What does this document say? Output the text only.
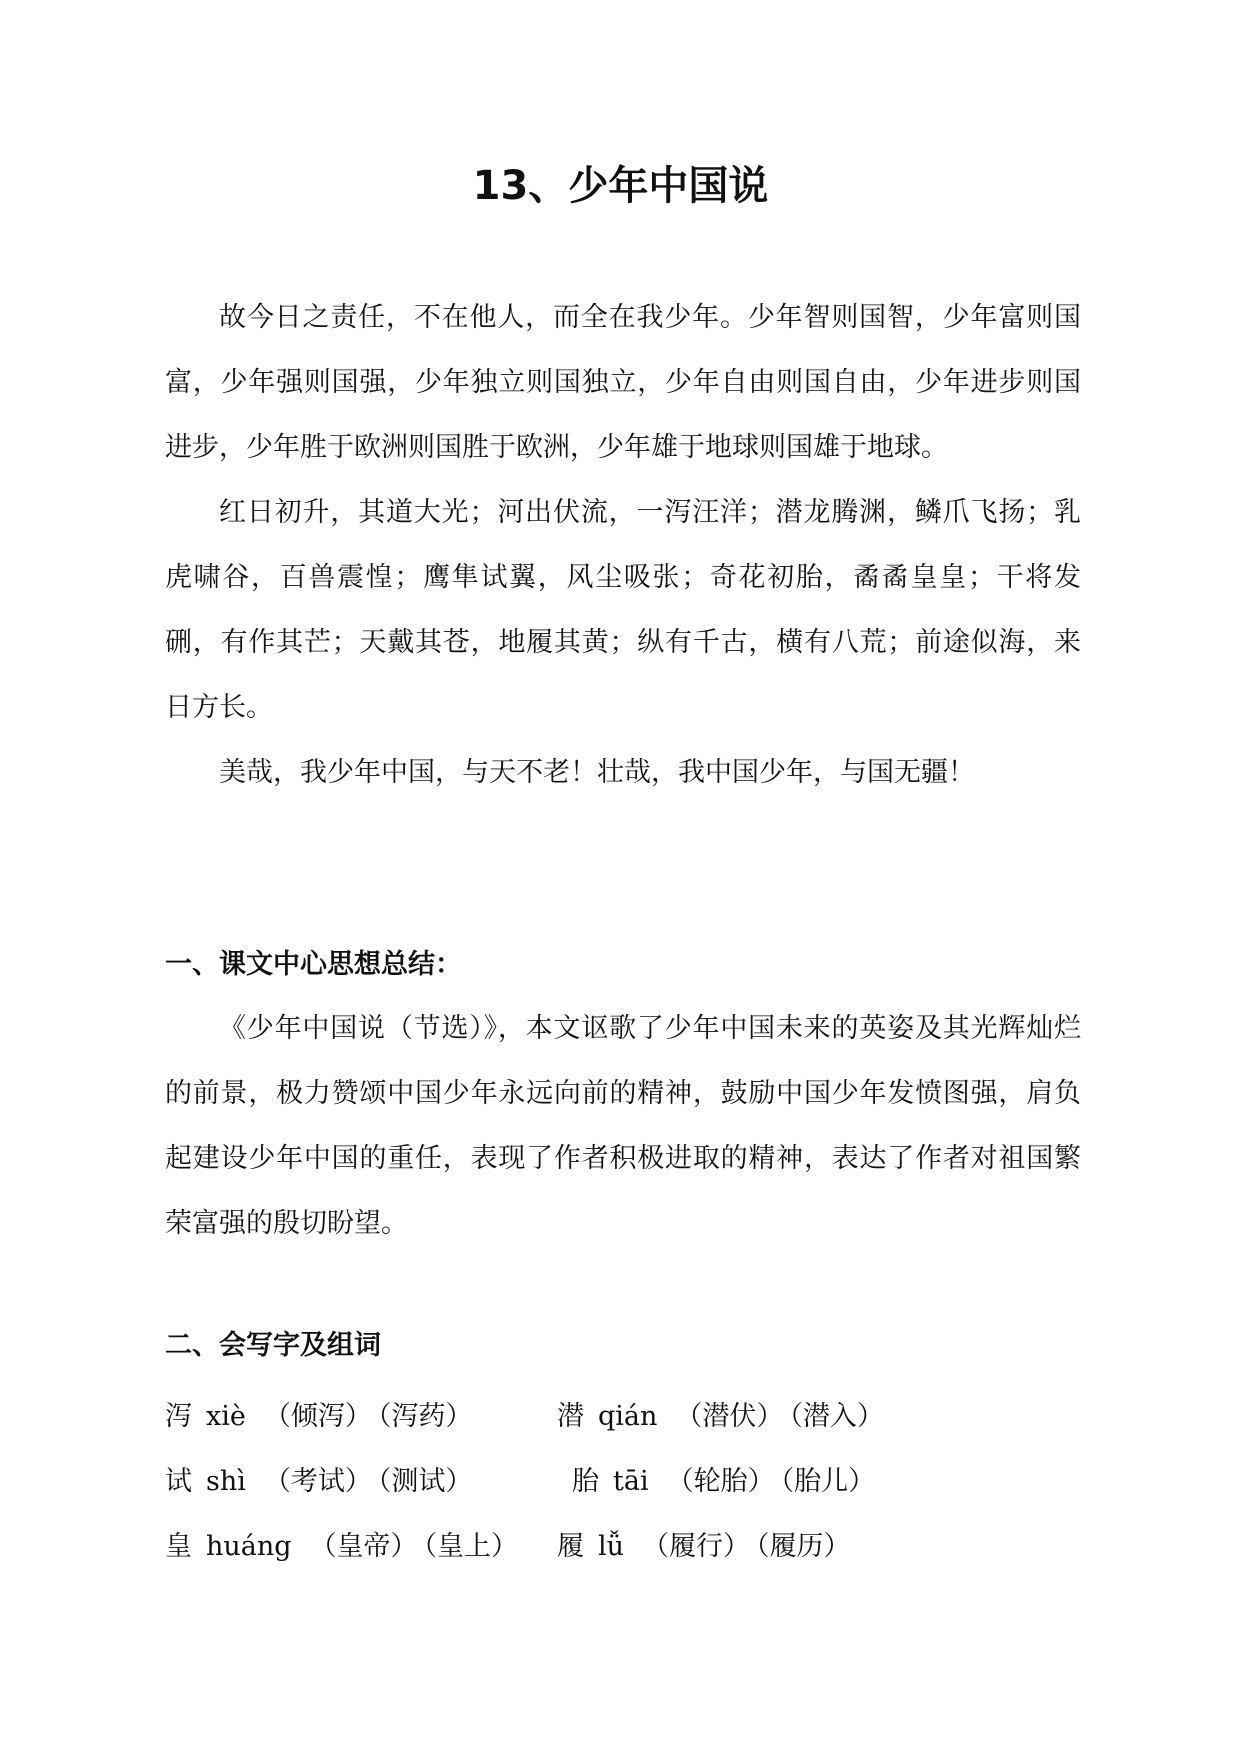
13、少年中国说

故今日之责任，不在他人，而全在我少年。少年智则国智，少年富则国富，少年强则国强，少年独立则国独立，少年自由则国自由，少年进步则国进步，少年胜于欧洲则国胜于欧洲，少年雄于地球则国雄于地球。

红日初升，其道大光；河出伏流，一泻汪洋；潜龙腾渊，鳞爪飞扬；乳虎啸谷，百兽震惶；鹰隼试翼，风尘吸张；奇花初胎，矞矞皇皇；干将发硎，有作其芒；天戴其苍，地履其黄；纵有千古，横有八荒；前途似海，来日方长。

美哉，我少年中国，与天不老！壮哉，我中国少年，与国无疆！

一、课文中心思想总结：

《少年中国说（节选）》，本文讴歌了少年中国未来的英姿及其光辉灿烂的前景，极力赞颂中国少年永远向前的精神，鼓励中国少年发愤图强，肩负起建设少年中国的重任，表现了作者积极进取的精神，表达了作者对祖国繁荣富强的殷切盼望。

二、会写字及组词
泻 xiè （倾泻） （泻药）	潜 qián （潜伏） （潜入）
试 shì （考试） （测试）	胎 tāi （轮胎） （胎儿）
皇 huáng （皇帝） （皇上） 履 lǚ （履行） （履历）
